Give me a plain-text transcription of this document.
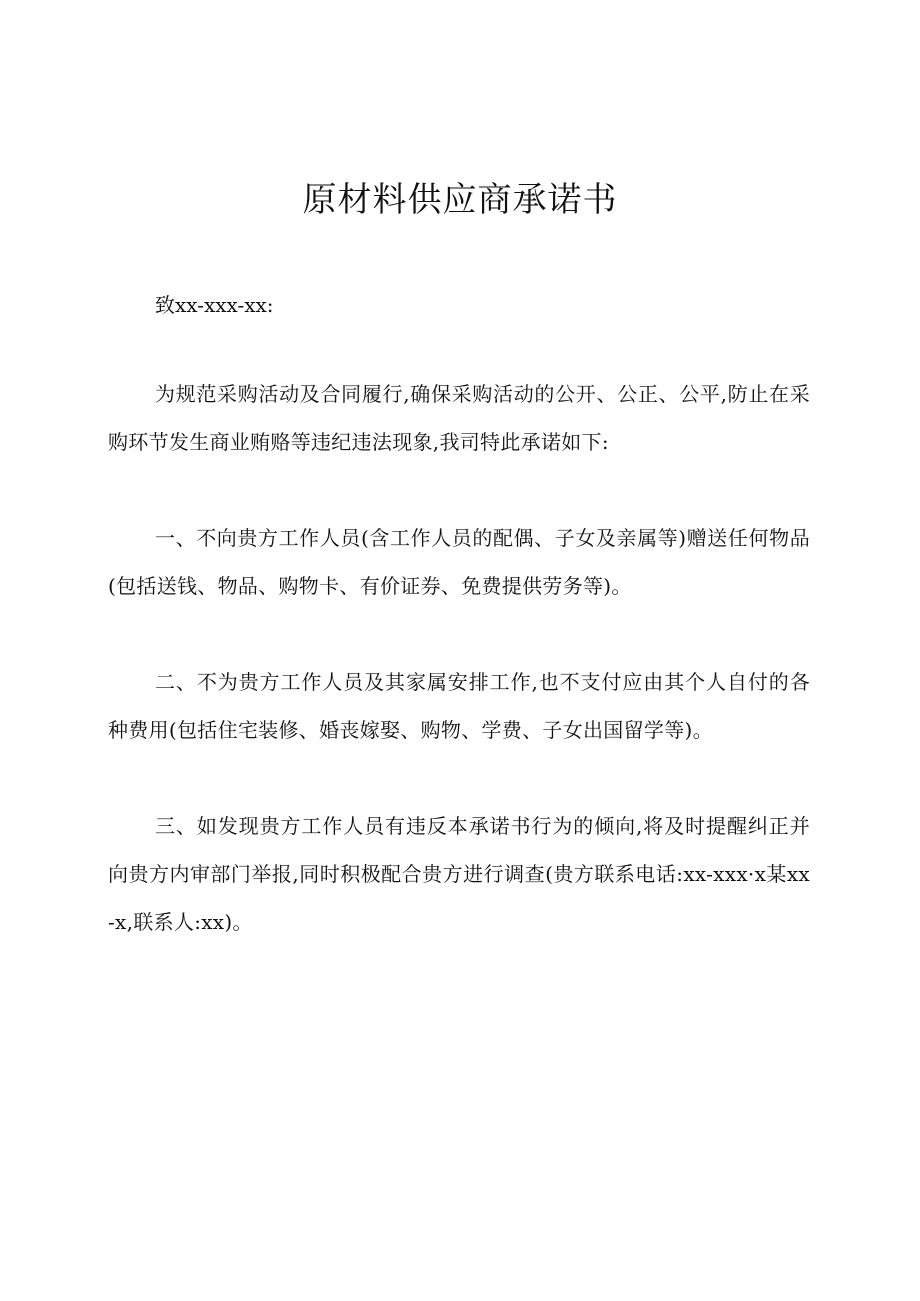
原材料供应商承诺书
致xx-xxx-xx:
为规范采购活动及合同履行,确保采购活动的公开、公正、公平,防止在采购环节发生商业贿赂等违纪违法现象,我司特此承诺如下:
一、不向贵方工作人员(含工作人员的配偶、子女及亲属等)赠送任何物品(包括送钱、物品、购物卡、有价证券、免费提供劳务等)。
二、不为贵方工作人员及其家属安排工作,也不支付应由其个人自付的各种费用(包括住宅装修、婚丧嫁娶、购物、学费、子女出国留学等)。
三、如发现贵方工作人员有违反本承诺书行为的倾向,将及时提醒纠正并向贵方内审部门举报,同时积极配合贵方进行调查(贵方联系电话:xx-xxx·x某xx-x,联系人:xx)。
